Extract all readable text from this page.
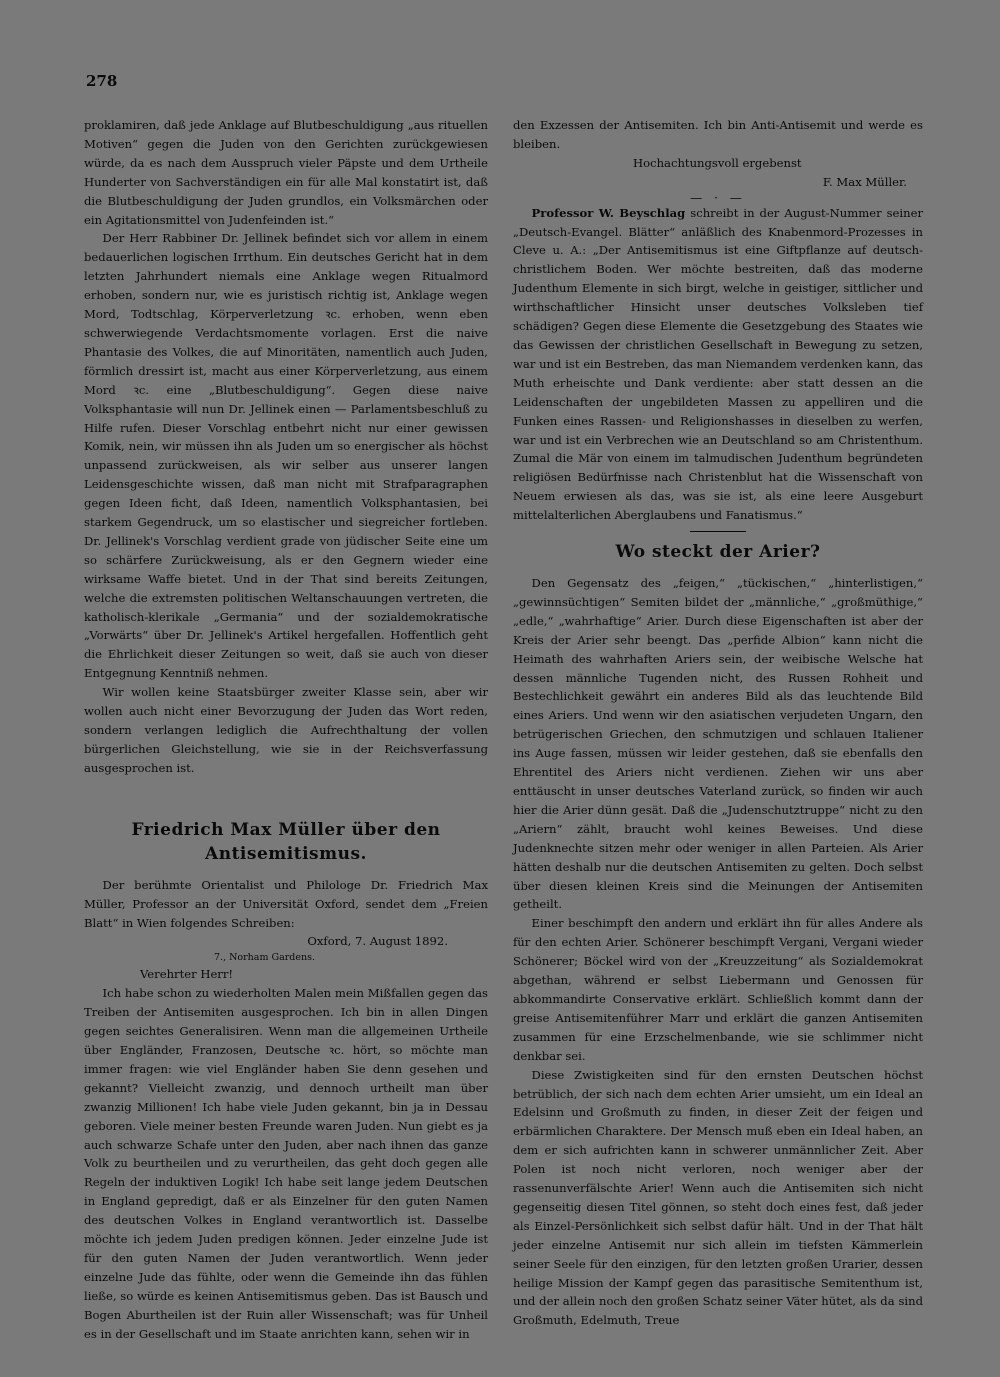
278

proklamiren, daß jede Anklage auf Blutbeschuldigung „aus rituellen Motiven“ gegen die Juden von den Gerichten zurückgewiesen würde, da es nach dem Ausspruch vieler Päpste und dem Urtheile Hunderter von Sachverständigen ein für alle Mal konstatirt ist, daß die Blutbeschuldigung der Juden grundlos, ein Volksmärchen oder ein Agitationsmittel von Judenfeinden ist.“

Der Herr Rabbiner Dr. Jellinek befindet sich vor allem in einem bedauerlichen logischen Irrthum. Ein deutsches Gericht hat in dem letzten Jahrhundert niemals eine Anklage wegen Ritualmord erhoben, sondern nur, wie es juristisch richtig ist, Anklage wegen Mord, Todtschlag, Körperverletzung ꝛc. erhoben, wenn eben schwerwiegende Verdachtsmomente vorlagen. Erst die naive Phantasie des Volkes, die auf Minoritäten, namentlich auch Juden, förmlich dressirt ist, macht aus einer Körperverletzung, aus einem Mord ꝛc. eine „Blutbeschuldigung“. Gegen diese naive Volksphantasie will nun Dr. Jellinek einen — Parlamentsbeschluß zu Hilfe rufen. Dieser Vorschlag entbehrt nicht nur einer gewissen Komik, nein, wir müssen ihn als Juden um so energischer als höchst unpassend zurückweisen, als wir selber aus unserer langen Leidensgeschichte wissen, daß man nicht mit Strafparagraphen gegen Ideen ficht, daß Ideen, namentlich Volksphantasien, bei starkem Gegendruck, um so elastischer und siegreicher fortleben. Dr. Jellinek's Vorschlag verdient grade von jüdischer Seite eine um so schärfere Zurückweisung, als er den Gegnern wieder eine wirksame Waffe bietet. Und in der That sind bereits Zeitungen, welche die extremsten politischen Weltanschauungen vertreten, die katholisch-klerikale „Germania“ und der sozialdemokratische „Vorwärts“ über Dr. Jellinek's Artikel hergefallen. Hoffentlich geht die Ehrlichkeit dieser Zeitungen so weit, daß sie auch von dieser Entgegnung Kenntniß nehmen.

Wir wollen keine Staatsbürger zweiter Klasse sein, aber wir wollen auch nicht einer Bevorzugung der Juden das Wort reden, sondern verlangen lediglich die Aufrechthaltung der vollen bürgerlichen Gleichstellung, wie sie in der Reichsverfassung ausgesprochen ist.

Friedrich Max Müller über den Antisemitismus.

Der berühmte Orientalist und Philologe Dr. Friedrich Max Müller, Professor an der Universität Oxford, sendet dem „Freien Blatt“ in Wien folgendes Schreiben:

Oxford, 7. August 1892.
7., Norham Gardens.
Verehrter Herr!

Ich habe schon zu wiederholten Malen mein Mißfallen gegen das Treiben der Antisemiten ausgesprochen. Ich bin in allen Dingen gegen seichtes Generalisiren. Wenn man die allgemeinen Urtheile über Engländer, Franzosen, Deutsche ꝛc. hört, so möchte man immer fragen: wie viel Engländer haben Sie denn gesehen und gekannt? Vielleicht zwanzig, und dennoch urtheilt man über zwanzig Millionen! Ich habe viele Juden gekannt, bin ja in Dessau geboren. Viele meiner besten Freunde waren Juden. Nun giebt es ja auch schwarze Schafe unter den Juden, aber nach ihnen das ganze Volk zu beurtheilen und zu verurtheilen, das geht doch gegen alle Regeln der induktiven Logik! Ich habe seit lange jedem Deutschen in England gepredigt, daß er als Einzelner für den guten Namen des deutschen Volkes in England verantwortlich ist. Dasselbe möchte ich jedem Juden predigen können. Jeder einzelne Jude ist für den guten Namen der Juden verantwortlich. Wenn jeder einzelne Jude das fühlte, oder wenn die Gemeinde ihn das fühlen ließe, so würde es keinen Antisemitismus geben. Das ist Bausch und Bogen Aburtheilen ist der Ruin aller Wissenschaft; was für Unheil es in der Gesellschaft und im Staate anrichten kann, sehen wir in

den Exzessen der Antisemiten. Ich bin Anti-Antisemit und werde es bleiben.

Hochachtungsvoll ergebenst
F. Max Müller.
— · —

Professor W. Beyschlag schreibt in der August-Nummer seiner „Deutsch-Evangel. Blätter“ anläßlich des Knabenmord-Prozesses in Cleve u. A.: „Der Antisemitismus ist eine Giftpflanze auf deutsch-christlichem Boden. Wer möchte bestreiten, daß das moderne Judenthum Elemente in sich birgt, welche in geistiger, sittlicher und wirthschaftlicher Hinsicht unser deutsches Volksleben tief schädigen? Gegen diese Elemente die Gesetzgebung des Staates wie das Gewissen der christlichen Gesellschaft in Bewegung zu setzen, war und ist ein Bestreben, das man Niemandem verdenken kann, das Muth erheischte und Dank verdiente: aber statt dessen an die Leidenschaften der ungebildeten Massen zu appelliren und die Funken eines Rassen- und Religionshasses in dieselben zu werfen, war und ist ein Verbrechen wie an Deutschland so am Christenthum. Zumal die Mär von einem im talmudischen Judenthum begründeten religiösen Bedürfnisse nach Christenblut hat die Wissenschaft von Neuem erwiesen als das, was sie ist, als eine leere Ausgeburt mittelalterlichen Aberglaubens und Fanatismus.“

Wo steckt der Arier?

Den Gegensatz des „feigen,“ „tückischen,“ „hinterlistigen,“ „gewinnsüchtigen“ Semiten bildet der „männliche,“ „großmüthige,“ „edle,“ „wahrhaftige“ Arier. Durch diese Eigenschaften ist aber der Kreis der Arier sehr beengt. Das „perfide Albion“ kann nicht die Heimath des wahrhaften Ariers sein, der weibische Welsche hat dessen männliche Tugenden nicht, des Russen Rohheit und Bestechlichkeit gewährt ein anderes Bild als das leuchtende Bild eines Ariers. Und wenn wir den asiatischen verjudeten Ungarn, den betrügerischen Griechen, den schmutzigen und schlauen Italiener ins Auge fassen, müssen wir leider gestehen, daß sie ebenfalls den Ehrentitel des Ariers nicht verdienen. Ziehen wir uns aber enttäuscht in unser deutsches Vaterland zurück, so finden wir auch hier die Arier dünn gesät. Daß die „Judenschutztruppe“ nicht zu den „Ariern“ zählt, braucht wohl keines Beweises. Und diese Judenknechte sitzen mehr oder weniger in allen Parteien. Als Arier hätten deshalb nur die deutschen Antisemiten zu gelten. Doch selbst über diesen kleinen Kreis sind die Meinungen der Antisemiten getheilt.

Einer beschimpft den andern und erklärt ihn für alles Andere als für den echten Arier. Schönerer beschimpft Vergani, Vergani wieder Schönerer; Böckel wird von der „Kreuzzeitung“ als Sozialdemokrat abgethan, während er selbst Liebermann und Genossen für abkommandirte Conservative erklärt. Schließlich kommt dann der greise Antisemitenführer Marr und erklärt die ganzen Antisemiten zusammen für eine Erzschelmenbande, wie sie schlimmer nicht denkbar sei.

Diese Zwistigkeiten sind für den ernsten Deutschen höchst betrüblich, der sich nach dem echten Arier umsieht, um ein Ideal an Edelsinn und Großmuth zu finden, in dieser Zeit der feigen und erbärmlichen Charaktere. Der Mensch muß eben ein Ideal haben, an dem er sich aufrichten kann in schwerer unmännlicher Zeit. Aber Polen ist noch nicht verloren, noch weniger aber der rassenunverfälschte Arier! Wenn auch die Antisemiten sich nicht gegenseitig diesen Titel gönnen, so steht doch eines fest, daß jeder als Einzel-Persönlichkeit sich selbst dafür hält. Und in der That hält jeder einzelne Antisemit nur sich allein im tiefsten Kämmerlein seiner Seele für den einzigen, für den letzten großen Urarier, dessen heilige Mission der Kampf gegen das parasitische Semitenthum ist, und der allein noch den großen Schatz seiner Väter hütet, als da sind Großmuth, Edelmuth, Treue
